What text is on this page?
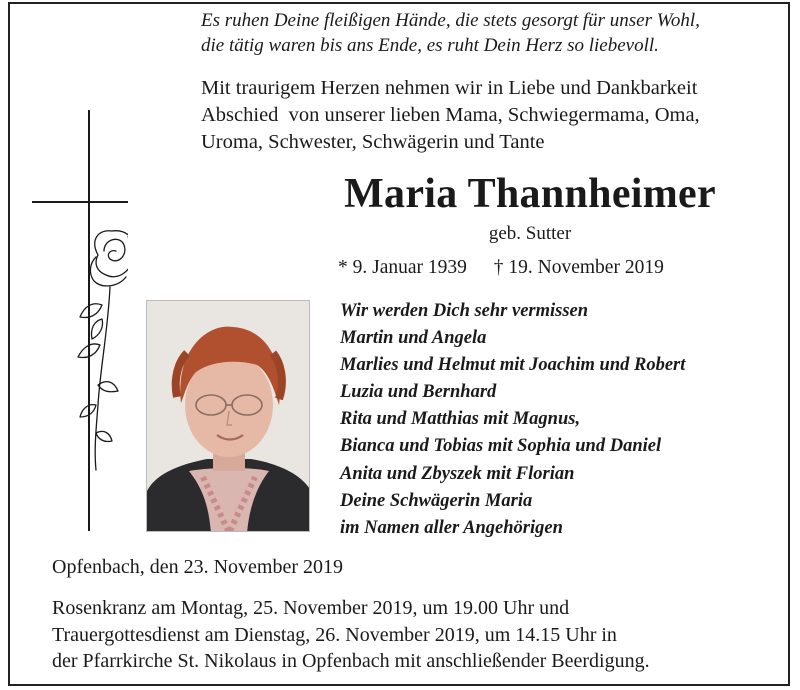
Es ruhen Deine fleißigen Hände, die stets gesorgt für unser Wohl,
die tätig waren bis ans Ende, es ruht Dein Herz so liebevoll.
Mit traurigem Herzen nehmen wir in Liebe und Dankbarkeit
Abschied  von unserer lieben Mama, Schwiegermama, Oma,
Uroma, Schwester, Schwägerin und Tante
Maria Thannheimer
geb. Sutter
* 9. Januar 1939 † 19. November 2019
Wir werden Dich sehr vermissen
Martin und Angela
Marlies und Helmut mit Joachim und Robert
Luzia und Bernhard
Rita und Matthias mit Magnus,
Bianca und Tobias mit Sophia und Daniel
Anita und Zbyszek mit Florian
Deine Schwägerin Maria
im Namen aller Angehörigen
Opfenbach, den 23. November 2019
Rosenkranz am Montag, 25. November 2019, um 19.00 Uhr und
Trauergottesdienst am Dienstag, 26. November 2019, um 14.15 Uhr in
der Pfarrkirche St. Nikolaus in Opfenbach mit anschließender Beerdigung.
